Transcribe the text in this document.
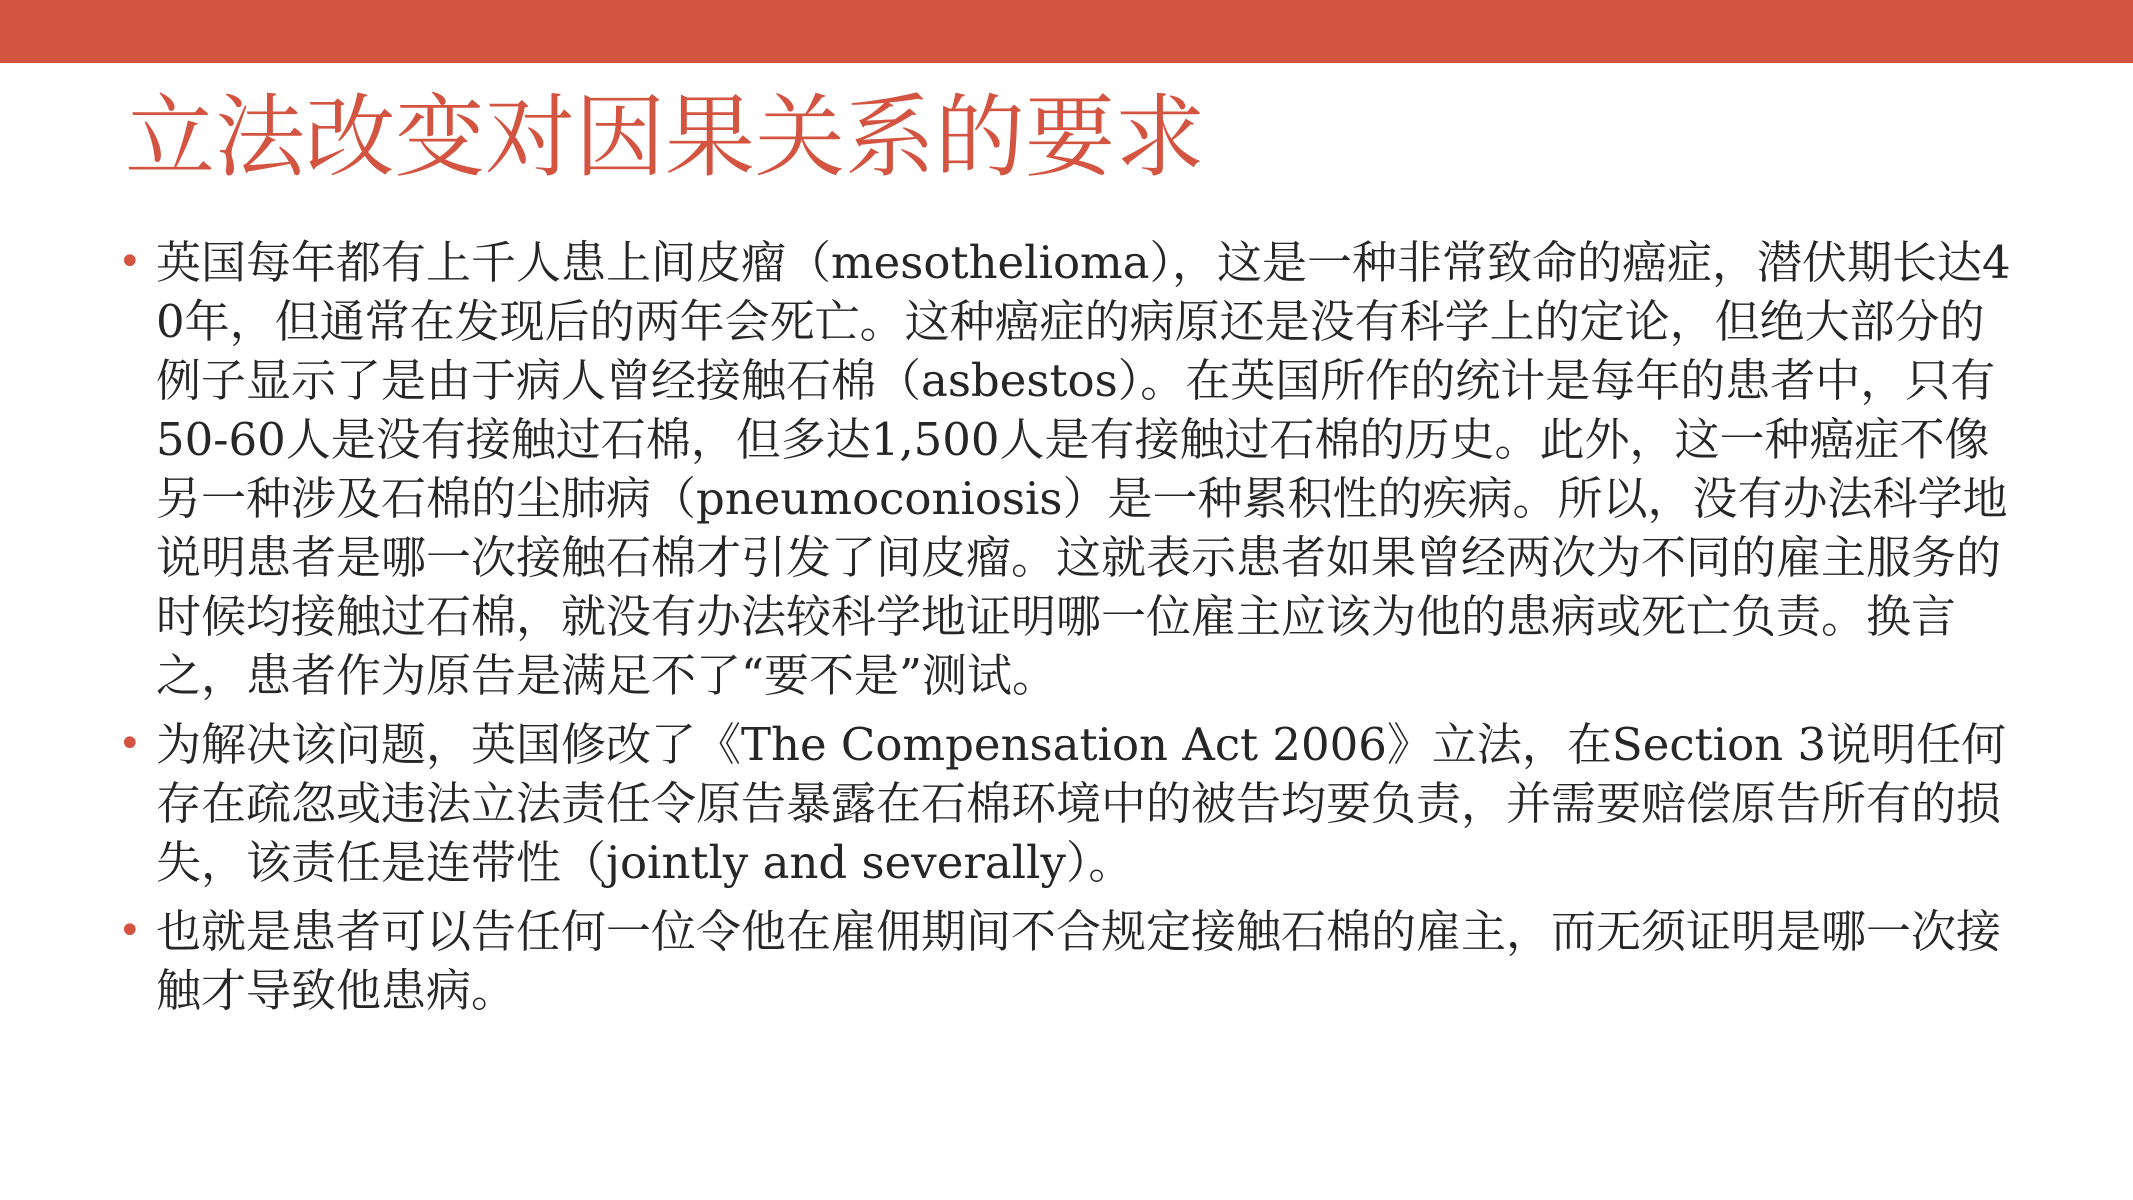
立法改变对因果关系的要求
• 英国每年都有上千人患上间皮瘤（mesothelioma），这是一种非常致命的癌症，潜伏期长达40年，但通常在发现后的两年会死亡。这种癌症的病原还是没有科学上的定论，但绝大部分的例子显示了是由于病人曾经接触石棉（asbestos）。在英国所作的统计是每年的患者中，只有50-60人是没有接触过石棉，但多达1,500人是有接触过石棉的历史。此外，这一种癌症不像另一种涉及石棉的尘肺病（pneumoconiosis）是一种累积性的疾病。所以，没有办法科学地说明患者是哪一次接触石棉才引发了间皮瘤。这就表示患者如果曾经两次为不同的雇主服务的时候均接触过石棉，就没有办法较科学地证明哪一位雇主应该为他的患病或死亡负责。换言之，患者作为原告是满足不了“要不是”测试。
• 为解决该问题，英国修改了《The Compensation Act 2006》立法，在Section 3说明任何存在疏忽或违法立法责任令原告暴露在石棉环境中的被告均要负责，并需要赔偿原告所有的损失，该责任是连带性（jointly and severally）。
• 也就是患者可以告任何一位令他在雇佣期间不合规定接触石棉的雇主，而无须证明是哪一次接触才导致他患病。
